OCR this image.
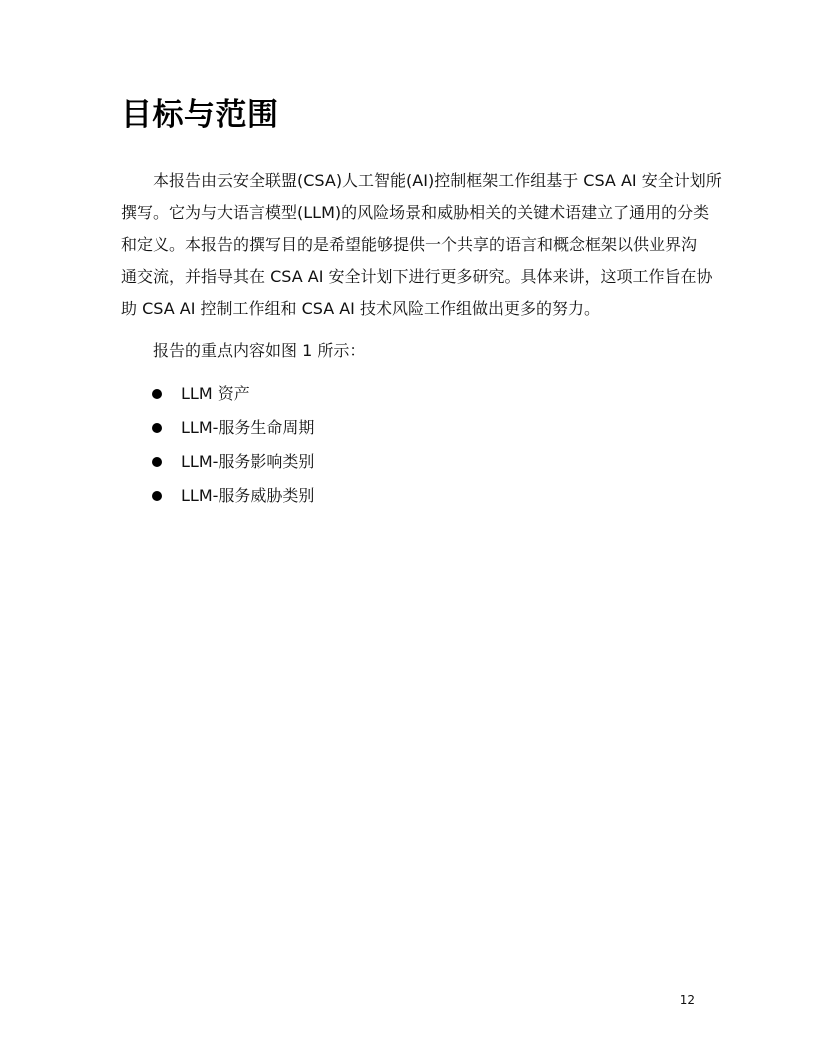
目标与范围
本报告由云安全联盟(CSA)人工智能(AI)控制框架工作组基于 CSA AI 安全计划所
撰写。它为与大语言模型(LLM)的风险场景和威胁相关的关键术语建立了通用的分类
和定义。本报告的撰写目的是希望能够提供一个共享的语言和概念框架以供业界沟
通交流，并指导其在 CSA AI 安全计划下进行更多研究。具体来讲，这项工作旨在协
助 CSA AI 控制工作组和 CSA AI 技术风险工作组做出更多的努力。
报告的重点内容如图 1 所示：
LLM 资产
LLM-服务生命周期
LLM-服务影响类别
LLM-服务威胁类别
12
